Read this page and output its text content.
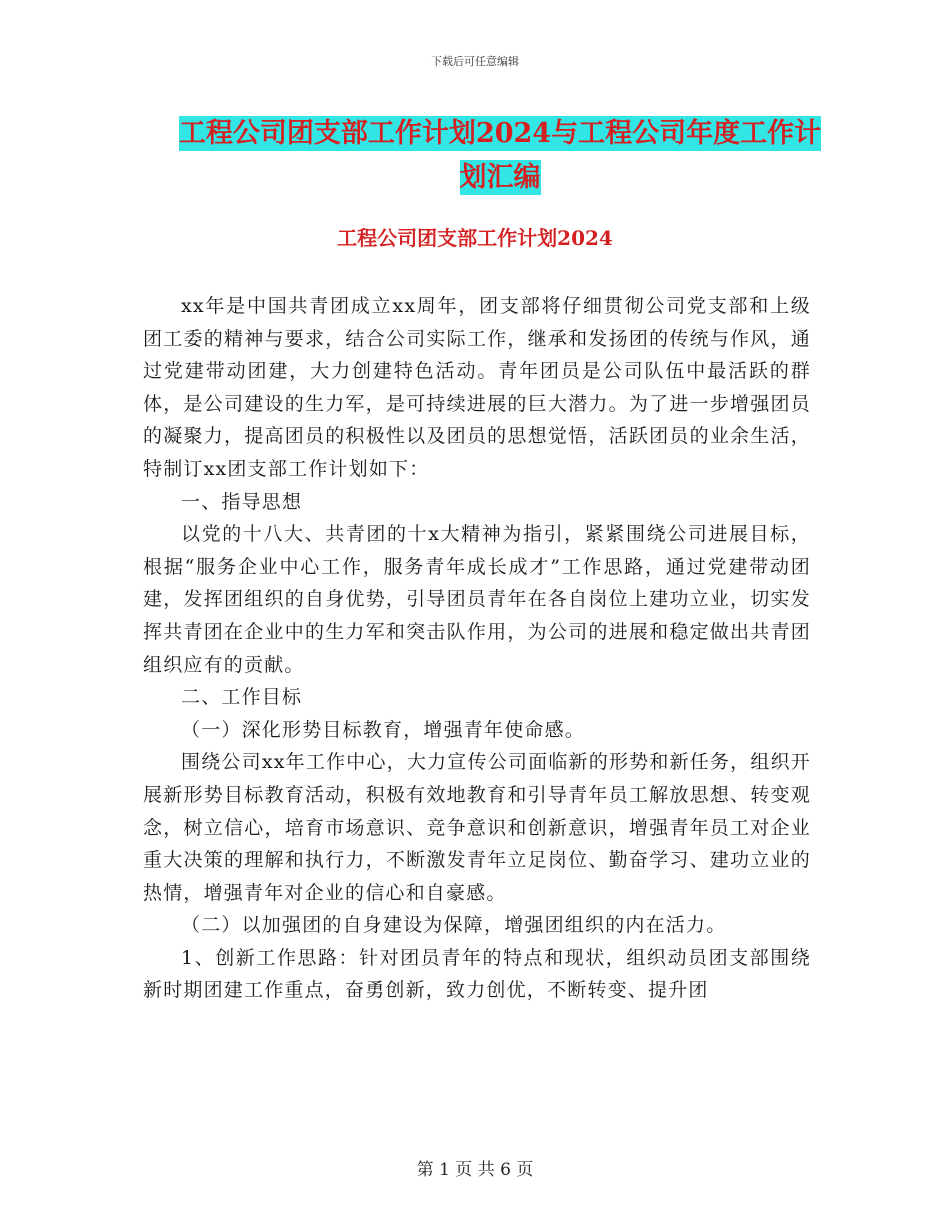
下载后可任意编辑
工程公司团支部工作计划2024与工程公司年度工作计
划汇编
工程公司团支部工作计划2024

xx年是中国共青团成立xx周年，团支部将仔细贯彻公司党支部和上级团工委的精神与要求，结合公司实际工作，继承和发扬团的传统与作风，通过党建带动团建，大力创建特色活动。青年团员是公司队伍中最活跃的群体，是公司建设的生力军，是可持续进展的巨大潜力。为了进一步增强团员的凝聚力，提高团员的积极性以及团员的思想觉悟，活跃团员的业余生活，特制订xx团支部工作计划如下：

一、指导思想

以党的十八大、共青团的十x大精神为指引，紧紧围绕公司进展目标，根据“服务企业中心工作，服务青年成长成才”工作思路，通过党建带动团建，发挥团组织的自身优势，引导团员青年在各自岗位上建功立业，切实发挥共青团在企业中的生力军和突击队作用，为公司的进展和稳定做出共青团组织应有的贡献。

二、工作目标

（一）深化形势目标教育，增强青年使命感。

围绕公司xx年工作中心，大力宣传公司面临新的形势和新任务，组织开展新形势目标教育活动，积极有效地教育和引导青年员工解放思想、转变观念，树立信心，培育市场意识、竞争意识和创新意识，增强青年员工对企业重大决策的理解和执行力，不断激发青年立足岗位、勤奋学习、建功立业的热情，增强青年对企业的信心和自豪感。

（二）以加强团的自身建设为保障，增强团组织的内在活力。

1、创新工作思路：针对团员青年的特点和现状，组织动员团支部围绕新时期团建工作重点，奋勇创新，致力创优，不断转变、提升团

第 1 页 共 6 页
